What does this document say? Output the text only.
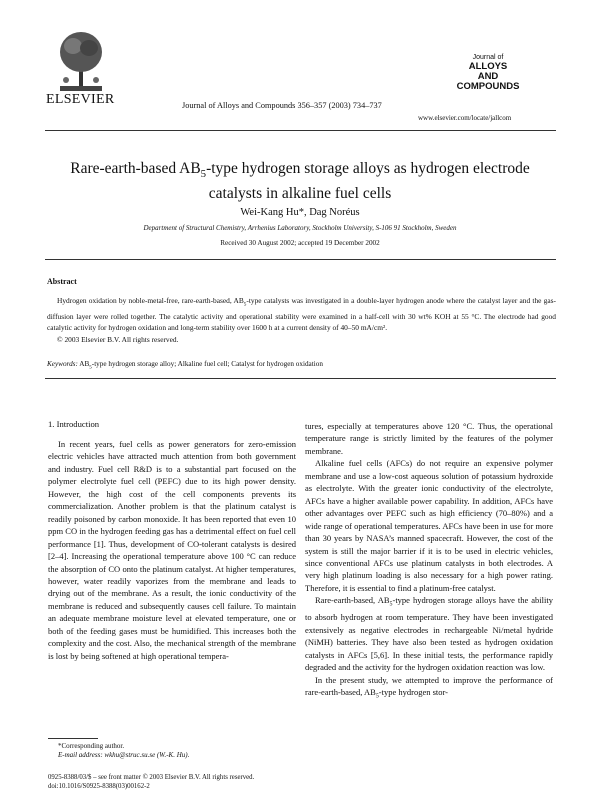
ELSEVIER	Journal of Alloys and Compounds 356–357 (2003) 734–737
Journal of
ALLOYS
AND COMPOUNDS
www.elsevier.com/locate/jallcom
Rare-earth-based $AB_5$-type hydrogen storage alloys as hydrogen electrode
catalysts in alkaline fuel cells
Wei-Kang Hu*, Dag Noréus
Department of Structural Chemistry, Arrhenius Laboratory, Stockholm University, S-106 91 Stockholm, Sweden
Received 30 August 2002; accepted 19 December 2002
Abstract

Hydrogen oxidation by noble-metal-free, rare-earth-based, $AB_5$-type catalysts was investigated in a double-layer hydrogen anode where the catalyst layer and the gas-diffusion layer were rolled together. The catalytic activity and operational stability were examined in a half-cell with 30 wt% KOH at 55 °C. The electrode had good catalytic activity for hydrogen oxidation and long-term stability over 1600 h at a current density of 40–50 mA/cm².

© 2003 Elsevier B.V. All rights reserved.

Keywords: $AB_5$-type hydrogen storage alloy; Alkaline fuel cell; Catalyst for hydrogen oxidation
1. Introduction

In recent years, fuel cells as power generators for zero-emission electric vehicles have attracted much attention from both government and industry. Fuel cell R&D is to a substantial part focused on the polymer electrolyte fuel cell (PEFC) due to its high power density. However, the high cost of the cell components prevents its commercialization. Another problem is that the platinum catalyst is readily poisoned by carbon monoxide. It has been reported that even 10 ppm CO in the hydrogen feeding gas has a detrimental effect on fuel cell performance [1]. Thus, development of CO-tolerant catalysts is desired [2–4]. Increasing the operational temperature above 100 °C can reduce the absorption of CO onto the platinum catalyst. At higher temperatures, however, water readily vaporizes from the membrane and leads to drying out of the membrane. As a result, the ionic conductivity of the membrane is reduced and subsequently causes cell failure. To maintain an adequate membrane moisture level at elevated temperature, one or both of the feeding gases must be humidified. This increases both the complexity and the cost. Also, the mechanical strength of the membrane is lost by being softened at high operational tempera-

tures, especially at temperatures above 120 °C. Thus, the operational temperature range is strictly limited by the features of the polymer membrane.

Alkaline fuel cells (AFCs) do not require an expensive polymer membrane and use a low-cost aqueous solution of potassium hydroxide as electrolyte. With the greater ionic conductivity of the electrolyte, AFCs have a higher available power capability. In addition, AFCs have other advantages over PEFC such as high efficiency (70–80%) and a wide range of operational temperatures. AFCs have been in use for more than 30 years by NASA’s manned spacecraft. However, the cost of the system is still the major barrier if it is to be used in electric vehicles, since conventional AFCs use platinum catalysts in both electrodes. A very high platinum loading is also necessary for a high power rating. Therefore, it is essential to find a platinum-free catalyst.

Rare-earth-based, $AB_5$-type hydrogen storage alloys have the ability to absorb hydrogen at room temperature. They have been investigated extensively as negative electrodes in rechargeable Ni/metal hydride (NiMH) batteries. They have also been tested as hydrogen oxidation catalysts in AFCs [5,6]. In these initial tests, the performance rapidly degraded and the activity for the hydrogen oxidation reaction was low.

In the present study, we attempted to improve the performance of rare-earth-based, $AB_5$-type hydrogen stor-

*Corresponding author.
E-mail address: wkhu@struc.su.se (W.-K. Hu).
0925-8388/03/$ – see front matter © 2003 Elsevier B.V. All rights reserved.
doi:10.1016/S0925-8388(03)00162-2
